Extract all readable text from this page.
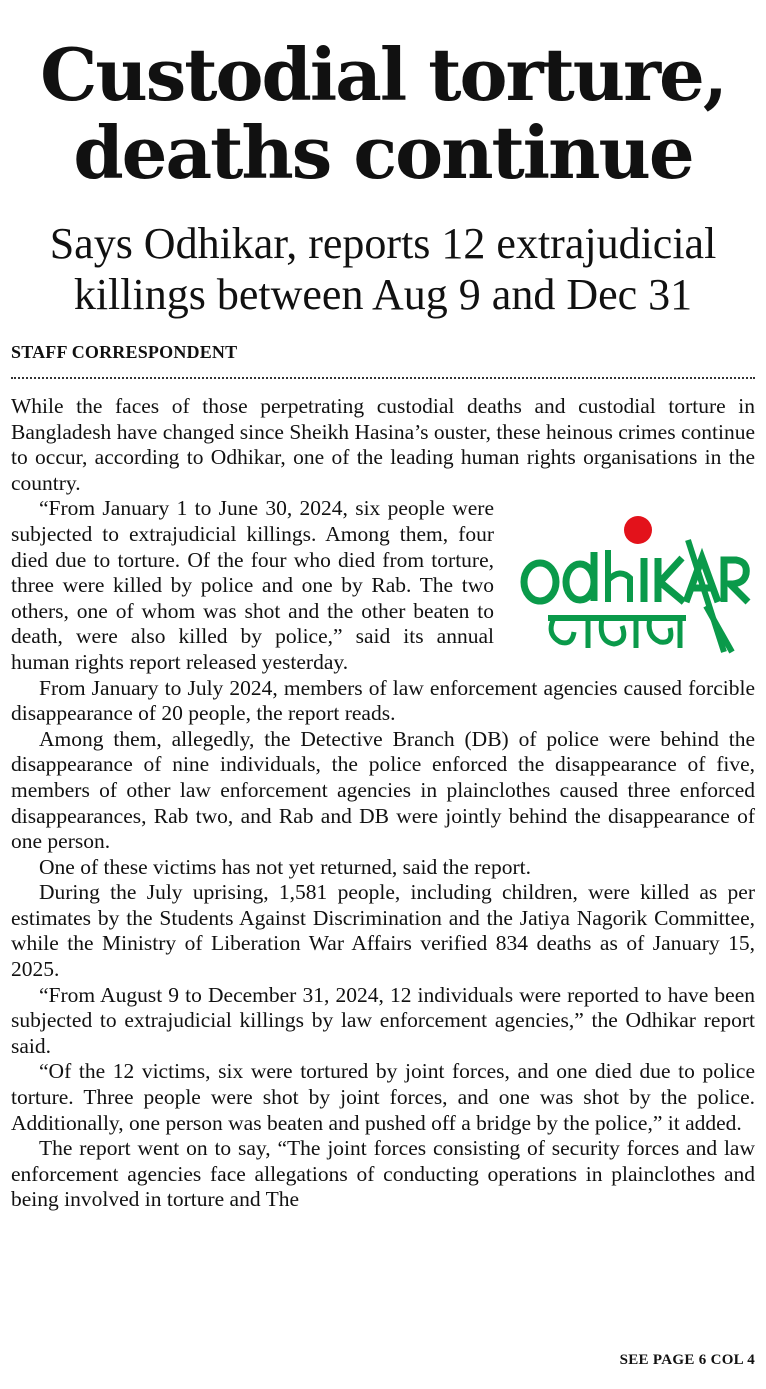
Custodial torture,
deaths continue
Says Odhikar, reports 12 extrajudicial
killings between Aug 9 and Dec 31
STAFF CORRESPONDENT

While the faces of those perpetrating custodial deaths and custodial torture in Bangladesh have changed since Sheikh Hasina’s ouster, these heinous crimes continue to occur, according to Odhikar, one of the leading human rights organisations in the country.

“From January 1 to June 30, 2024, six people were subjected to extrajudicial killings. Among them, four died due to torture. Of the four who died from torture, three were killed by police and one by Rab. The two others, one of whom was shot and the other beaten to death, were also killed by police,” said its annual human rights report released yesterday.

From January to July 2024, members of law enforcement agencies caused forcible disappearance of 20 people, the report reads.

Among them, allegedly, the Detective Branch (DB) of police were behind the disappearance of nine individuals, the police enforced the disappearance of five, members of other law enforcement agencies in plainclothes caused three enforced disappearances, Rab two, and Rab and DB were jointly behind the disappearance of one person.

One of these victims has not yet returned, said the report.

During the July uprising, 1,581 people, including children, were killed as per estimates by the Students Against Discrimination and the Jatiya Nagorik Committee, while the Ministry of Liberation War Affairs verified 834 deaths as of January 15, 2025.

“From August 9 to December 31, 2024, 12 individuals were reported to have been subjected to extrajudicial killings by law enforcement agencies,” the Odhikar report said.

“Of the 12 victims, six were tortured by joint forces, and one died due to police torture. Three people were shot by joint forces, and one was shot by the police. Additionally, one person was beaten and pushed off a bridge by the police,” it added.

The report went on to say, “The joint forces consisting of security forces and law enforcement agencies face allegations of conducting operations in plainclothes and being involved in torture and The

SEE PAGE 6 COL 4
